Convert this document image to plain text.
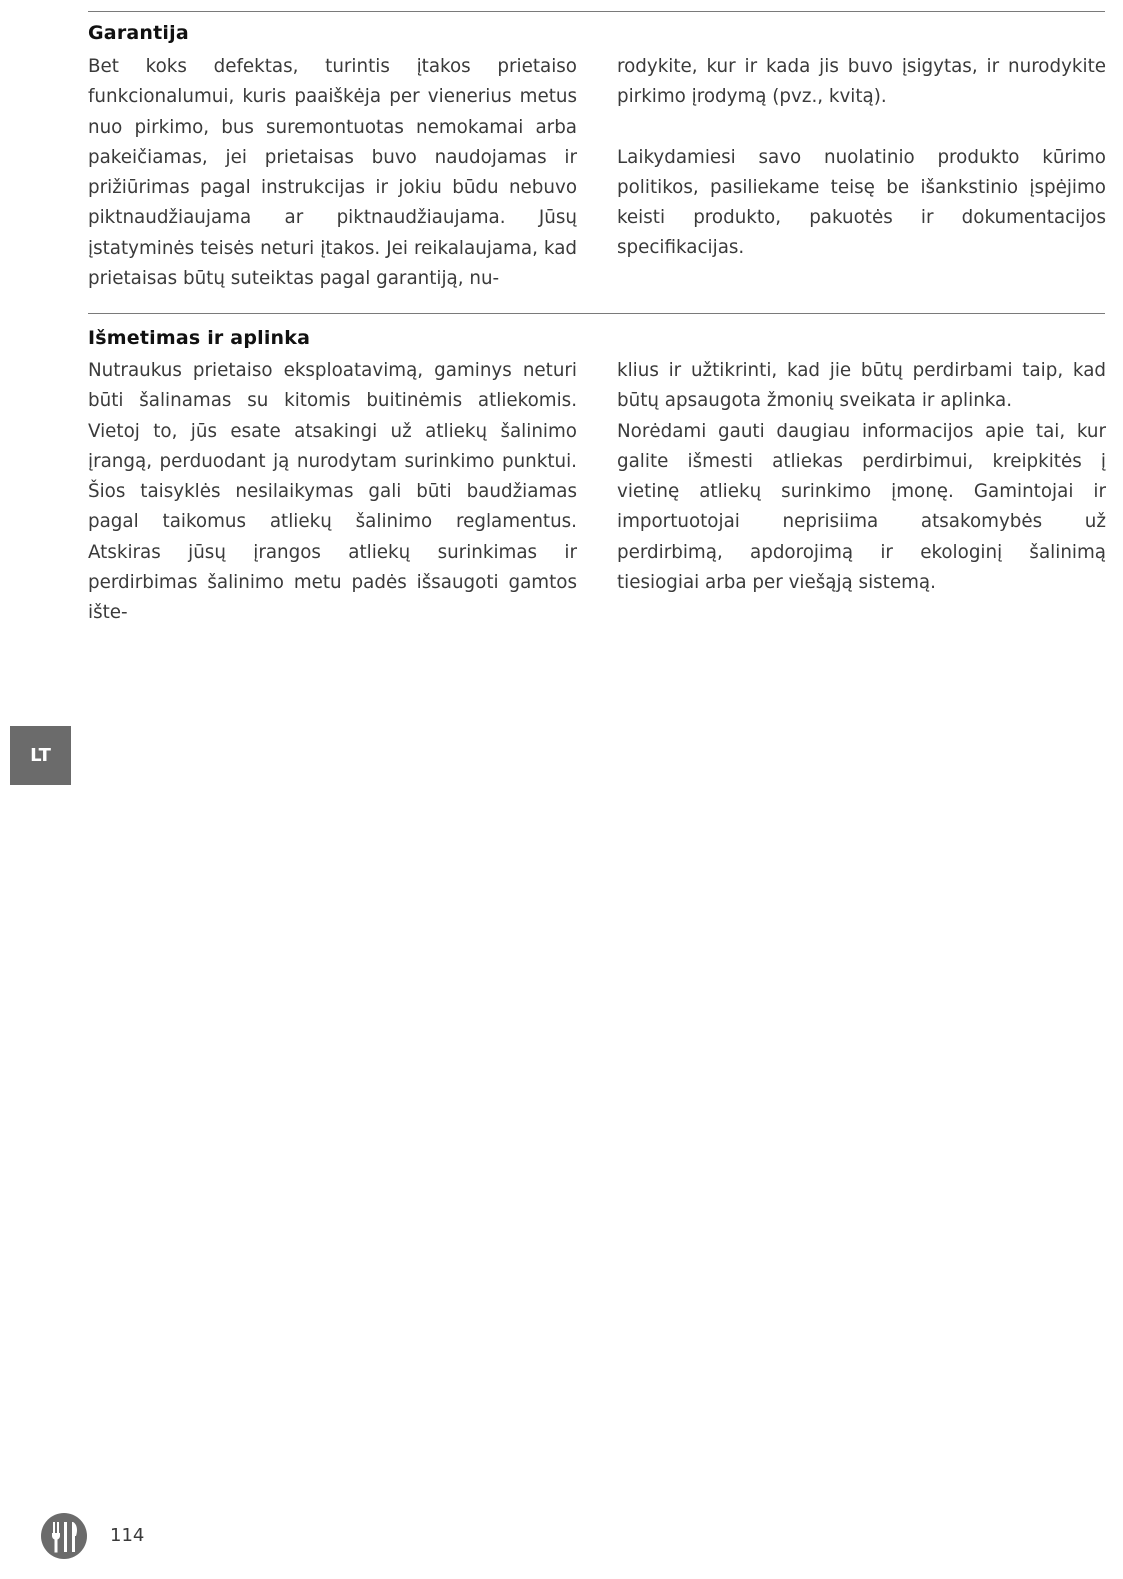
Garantija

Bet koks defektas, turintis įtakos prietaiso funkcionalumui, kuris paaiškėja per vienerius metus nuo pirkimo, bus suremontuotas nemokamai arba pakeičiamas, jei prietaisas buvo naudojamas ir prižiūrimas pagal instrukcijas ir jokiu būdu nebuvo piktnaudžiaujama ar piktnaudžiaujama. Jūsų įstatyminės teisės neturi įtakos. Jei reikalaujama, kad prietaisas būtų suteiktas pagal garantiją, nu-

rodykite, kur ir kada jis buvo įsigytas, ir nurodykite pirkimo įrodymą (pvz., kvitą).

Laikydamiesi savo nuolatinio produkto kūrimo politikos, pasiliekame teisę be išankstinio įspėjimo keisti produkto, pakuotės ir dokumentacijos specifikacijas.

Išmetimas ir aplinka

Nutraukus prietaiso eksploatavimą, gaminys neturi būti šalinamas su kitomis buitinėmis atliekomis. Vietoj to, jūs esate atsakingi už atliekų šalinimo įrangą, perduodant ją nurodytam surinkimo punktui. Šios taisyklės nesilaikymas gali būti baudžiamas pagal taikomus atliekų šalinimo reglamentus. Atskiras jūsų įrangos atliekų surinkimas ir perdirbimas šalinimo metu padės išsaugoti gamtos ište-

klius ir užtikrinti, kad jie būtų perdirbami taip, kad būtų apsaugota žmonių sveikata ir aplinka.

Norėdami gauti daugiau informacijos apie tai, kur galite išmesti atliekas perdirbimui, kreipkitės į vietinę atliekų surinkimo įmonę. Gamintojai ir importuotojai neprisiima atsakomybės už perdirbimą, apdorojimą ir ekologinį šalinimą tiesiogiai arba per viešąją sistemą.

LT
114
